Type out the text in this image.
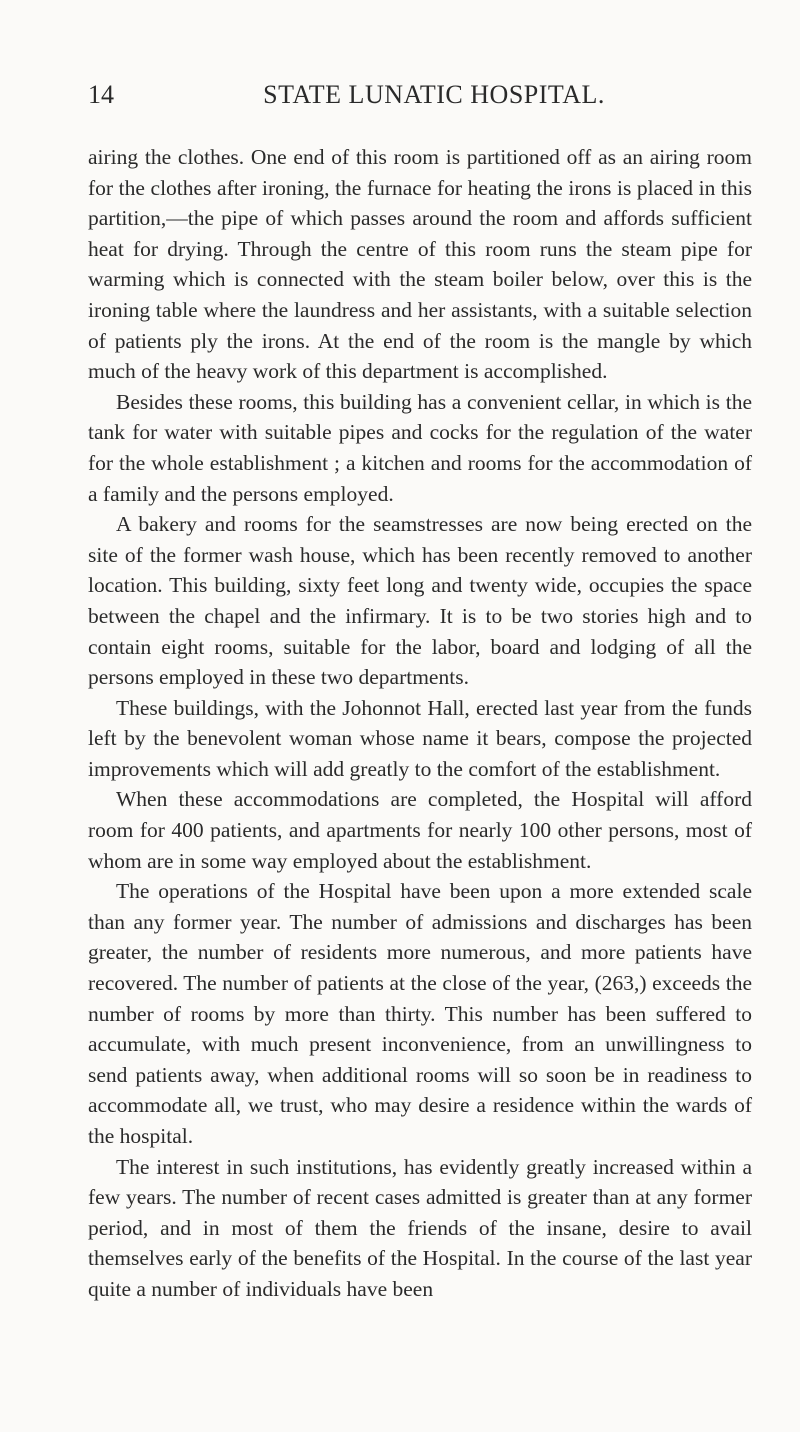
14	STATE LUNATIC HOSPITAL.

airing the clothes. One end of this room is partitioned off as an airing room for the clothes after ironing, the furnace for heating the irons is placed in this partition,—the pipe of which passes around the room and affords sufficient heat for drying. Through the centre of this room runs the steam pipe for warming which is connected with the steam boiler below, over this is the ironing table where the laundress and her assistants, with a suitable selection of patients ply the irons. At the end of the room is the mangle by which much of the heavy work of this department is accomplished.

Besides these rooms, this building has a convenient cellar, in which is the tank for water with suitable pipes and cocks for the regulation of the water for the whole establishment ; a kitchen and rooms for the accommodation of a family and the persons employed.

A bakery and rooms for the seamstresses are now being erected on the site of the former wash house, which has been recently removed to another location. This building, sixty feet long and twenty wide, occupies the space between the chapel and the infirmary. It is to be two stories high and to contain eight rooms, suitable for the labor, board and lodging of all the persons employed in these two departments.

These buildings, with the Johonnot Hall, erected last year from the funds left by the benevolent woman whose name it bears, compose the projected improvements which will add greatly to the comfort of the establishment.

When these accommodations are completed, the Hospital will afford room for 400 patients, and apartments for nearly 100 other persons, most of whom are in some way employed about the establishment.

The operations of the Hospital have been upon a more extended scale than any former year. The number of admissions and discharges has been greater, the number of residents more numerous, and more patients have recovered. The number of patients at the close of the year, (263,) exceeds the number of rooms by more than thirty. This number has been suffered to accumulate, with much present inconvenience, from an unwillingness to send patients away, when additional rooms will so soon be in readiness to accommodate all, we trust, who may desire a residence within the wards of the hospital.

The interest in such institutions, has evidently greatly increased within a few years. The number of recent cases admitted is greater than at any former period, and in most of them the friends of the insane, desire to avail themselves early of the benefits of the Hospital. In the course of the last year quite a number of individuals have been
